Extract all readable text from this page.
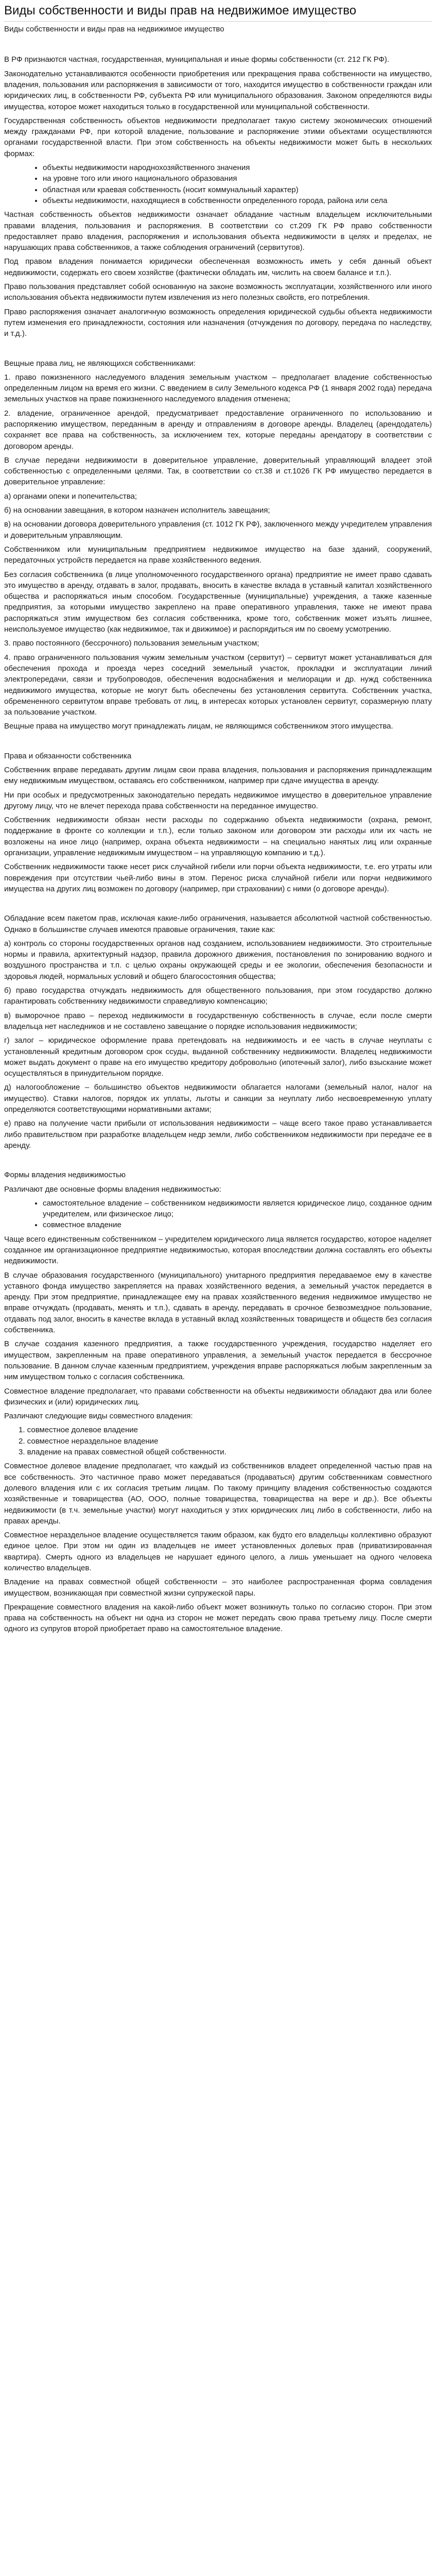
Виды собственности и виды прав на недвижимое имущество
Виды собственности и виды прав на недвижимое имущество

В РФ признаются частная, государственная, муниципальная и иные формы собственности (ст. 212 ГК РФ).

Законодательно устанавливаются особенности приобретения или прекращения права собственности на имущество, владения, пользования или распоряжения в зависимости от того, находится имущество в собственности граждан или юридических лиц, в собственности РФ, субъекта РФ или муниципального образования. Законом определяются виды имущества, которое может находиться только в государственной или муниципальной собственности.

Государственная собственность объектов недвижимости предполагает такую систему экономических отношений между гражданами РФ, при которой владение, пользование и распоряжение этими объектами осуществляются органами государственной власти. При этом собственность на объекты недвижимости может быть в нескольких формах:

• объекты недвижимости народнохозяйственного значения
• на уровне того или иного национального образования
• областная или краевая собственность (носит коммунальный характер)
• объекты недвижимости, находящиеся в собственности определенного города, района или села

Частная собственность объектов недвижимости означает обладание частным владельцем исключительными правами владения, пользования и распоряжения. В соответствии со ст.209 ГК РФ право собственности предоставляет право владения, распоряжения и использования объекта недвижимости в целях и пределах, не нарушающих права собственников, а также соблюдения ограничений (сервитутов).

Под правом владения понимается юридически обеспеченная возможность иметь у себя данный объект недвижимости, содержать его своем хозяйстве (фактически обладать им, числить на своем балансе и т.п.).

Право пользования представляет собой основанную на законе возможность эксплуатации, хозяйственного или иного использования объекта недвижимости путем извлечения из него полезных свойств, его потребления.

Право распоряжения означает аналогичную возможность определения юридической судьбы объекта недвижимости путем изменения его принадлежности, состояния или назначения (отчуждения по договору, передача по наследству, и т.д.).

Вещные права лиц, не являющихся собственниками:

1. право пожизненного наследуемого владения земельным участком – предполагает владение собственностью определенным лицом на время его жизни. С введением в силу Земельного кодекса РФ (1 января 2002 года) передача земельных участков на праве пожизненного наследуемого владения отменена;

2. владение, ограниченное арендой, предусматривает предоставление ограниченного по использованию и распоряжению имуществом, переданным в аренду и отправлениям в договоре аренды. Владелец (арендодатель) сохраняет все права на собственность, за исключением тех, которые переданы арендатору в соответствии с договором аренды.

В случае передачи недвижимости в доверительное управление, доверительный управляющий владеет этой собственностью с определенными целями. Так, в соответствии со ст.38 и ст.1026 ГК РФ имущество передается в доверительное управление:

а) органами опеки и попечительства;

б) на основании завещания, в котором назначен исполнитель завещания;

в) на основании договора доверительного управления (ст. 1012 ГК РФ), заключенного между учредителем управления и доверительным управляющим.

Собственником или муниципальным предприятием недвижимое имущество на базе зданий, сооружений, передаточных устройств передается на праве хозяйственного ведения.

Без согласия собственника (в лице уполномоченного государственного органа) предприятие не имеет право сдавать это имущество в аренду, отдавать в залог, продавать, вносить в качестве вклада в уставный капитал хозяйственного общества и распоряжаться иным способом. Государственные (муниципальные) учреждения, а также казенные предприятия, за которыми имущество закреплено на праве оперативного управления, также не имеют права распоряжаться этим имуществом без согласия собственника, кроме того, собственник может изъять лишнее, неиспользуемое имущество (как недвижимое, так и движимое) и распорядиться им по своему усмотрению.

3. право постоянного (бессрочного) пользования земельным участком;

4. право ограниченного пользования чужим земельным участком (сервитут) – сервитут может устанавливаться для обеспечения прохода и проезда через соседний земельный участок, прокладки и эксплуатации линий электропередачи, связи и трубопроводов, обеспечения водоснабжения и мелиорации и др. нужд собственника недвижимого имущества, которые не могут быть обеспечены без установления сервитута. Собственник участка, обремененного сервитутом вправе требовать от лиц, в интересах которых установлен сервитут, соразмерную плату за пользование участком.

Вещные права на имущество могут принадлежать лицам, не являющимся собственником этого имущества.

Права и обязанности собственника

Собственник вправе передавать другим лицам свои права владения, пользования и распоряжения принадлежащим ему недвижимым имуществом, оставаясь его собственником, например при сдаче имущества в аренду.

Ни при особых и предусмотренных законодательно передать недвижимое имущество в доверительное управление другому лицу, что не влечет перехода права собственности на переданное имущество.

Собственник недвижимости обязан нести расходы по содержанию объекта недвижимости (охрана, ремонт, поддержание в фронте со коллекции и т.п.), если только законом или договором эти расходы или их часть не возложены на иное лицо (например, охрана объекта недвижимости – на специально нанятых лиц или охранные организации, управление недвижимым имуществом – на управляющую компанию и т.д.).

Собственник недвижимости также несет риск случайной гибели или порчи объекта недвижимости, т.е. его утраты или повреждения при отсутствии чьей-либо вины в этом. Перенос риска случайной гибели или порчи недвижимого имущества на других лиц возможен по договору (например, при страховании) с ними (о договоре аренды).

Обладание всем пакетом прав, исключая какие-либо ограничения, называется абсолютной частной собственностью. Однако в большинстве случаев имеются правовые ограничения, такие как:

а) контроль со стороны государственных органов над созданием, использованием недвижимости. Это строительные нормы и правила, архитектурный надзор, правила дорожного движения, постановления по зонированию водного и воздушного пространства и т.п. с целью охраны окружающей среды и ее экологии, обеспечения безопасности и здоровья людей, нормальных условий и общего благосостояния общества;

б) право государства отчуждать недвижимость для общественного пользования, при этом государство должно гарантировать собственнику недвижимости справедливую компенсацию;

в) выморочное право – переход недвижимости в государственную собственность в случае, если после смерти владельца нет наследников и не составлено завещание о порядке использования недвижимости;

г) залог – юридическое оформление права претендовать на недвижимость и ее часть в случае неуплаты с установленный кредитным договором срок ссуды, выданной собственнику недвижимости. Владелец недвижимости может выдать документ о праве на его имущество кредитору добровольно (ипотечный залог), либо взыскание может осуществляться в принудительном порядке.

д) налогообложение – большинство объектов недвижимости облагается налогами (земельный налог, налог на имущество). Ставки налогов, порядок их уплаты, льготы и санкции за неуплату либо несвоевременную уплату определяются соответствующими нормативными актами;

е) право на получение части прибыли от использования недвижимости – чаще всего такое право устанавливается либо правительством при разработке владельцем недр земли, либо собственником недвижимости при передаче ее в аренду.

Формы владения недвижимостью

Различают две основные формы владения недвижимостью:

• самостоятельное владение – собственником недвижимости является юридическое лицо, созданное одним учредителем, или физическое лицо;
• совместное владение

Чаще всего единственным собственником – учредителем юридического лица является государство, которое наделяет созданное им организационное предприятие недвижимостью, которая впоследствии должна составлять его объекты недвижимости.

В случае образования государственного (муниципального) унитарного предприятия передаваемое ему в качестве уставного фонда имущество закрепляется на правах хозяйственного ведения, а земельный участок передается в аренду. При этом предприятие, принадлежащее ему на правах хозяйственного ведения недвижимое имущество не вправе отчуждать (продавать, менять и т.п.), сдавать в аренду, передавать в срочное безвозмездное пользование, отдавать под залог, вносить в качестве вклада в уставный вклад хозяйственных товариществ и обществ без согласия собственника.

В случае создания казенного предприятия, а также государственного учреждения, государство наделяет его имуществом, закрепленным на праве оперативного управления, а земельный участок передается в бессрочное пользование. В данном случае казенным предприятием, учреждения вправе распоряжаться любым закрепленным за ним имуществом только с согласия собственника.

Совместное владение предполагает, что правами собственности на объекты недвижимости обладают два или более физических и (или) юридических лиц.

Различают следующие виды совместного владения:

1. совместное долевое владение

2. совместное нераздельное владение

3. владение на правах совместной общей собственности.

Совместное долевое владение предполагает, что каждый из собственников владеет определенной частью прав на все собственность. Это частичное право может передаваться (продаваться) другим собственникам совместного долевого владения или с их согласия третьим лицам. По такому принципу владения собственностью создаются хозяйственные и товарищества (АО, ООО, полные товарищества, товарищества на вере и др.). Все объекты недвижимости (в т.ч. земельные участки) могут находиться у этих юридических лиц либо в собственности, либо на правах аренды.

Совместное нераздельное владение осуществляется таким образом, как будто его владельцы коллективно образуют единое целое. При этом ни один из владельцев не имеет установленных долевых прав (приватизированная квартира). Смерть одного из владельцев не нарушает единого целого, а лишь уменьшает на одного человека количество владельцев.

Владение на правах совместной общей собственности – это наиболее распространенная форма совладения имуществом, возникающая при совместной жизни супружеской пары.

Прекращение совместного владения на какой-либо объект может возникнуть только по согласию сторон. При этом права на собственность на объект ни одна из сторон не может передать свою права третьему лицу. После смерти одного из супругов второй приобретает право на самостоятельное владение.
